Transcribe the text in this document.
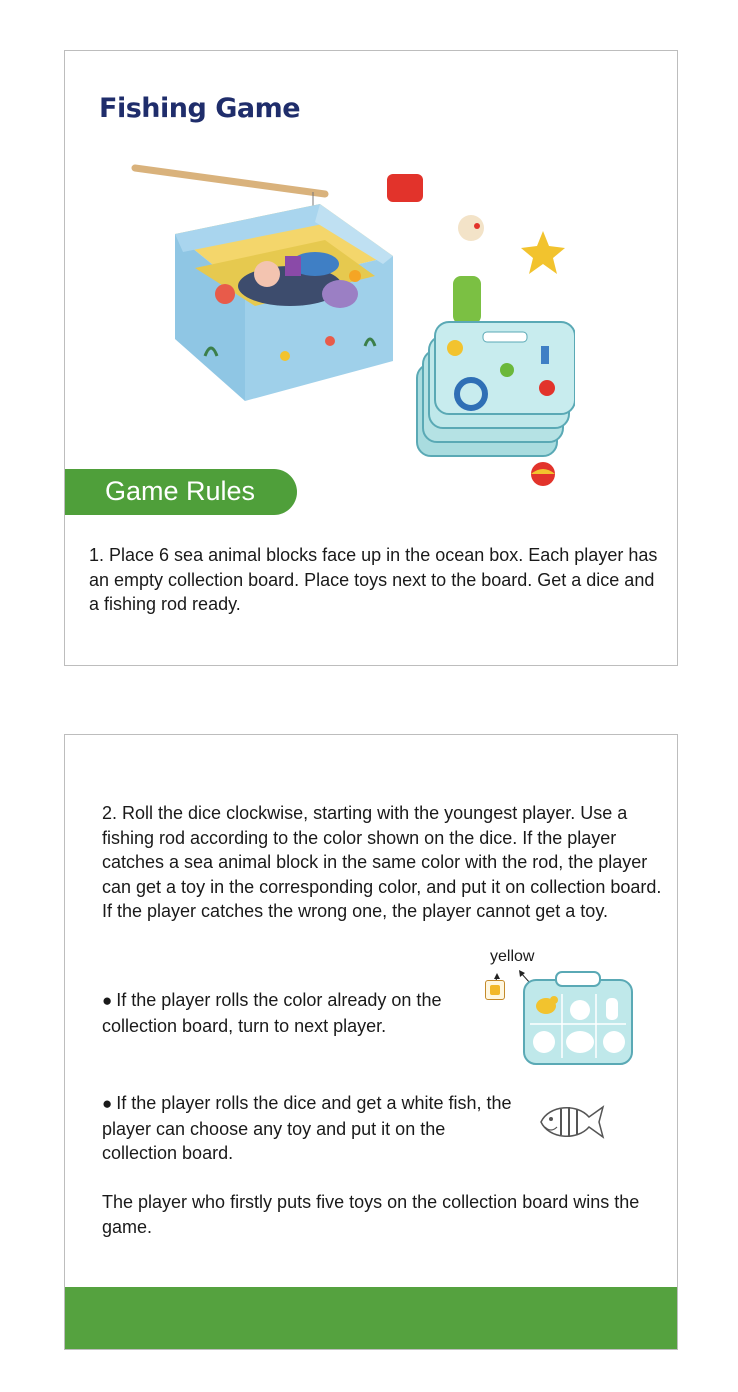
Fishing Game
Game Rules

1. Place 6 sea animal blocks face up in the ocean box. Each player has an empty collection board. Place toys next to the board. Get a dice and a fishing rod ready.

2. Roll the dice clockwise, starting with the youngest player. Use a fishing rod according to the color shown on the dice. If the player catches a sea animal block in the same color with the rod, the player can get a toy in the corresponding color, and put it on collection board. If the player catches the wrong one, the player cannot get a toy.

● If the player rolls the color already on the collection board, turn to next player.

yellow

● If the player rolls the dice and get a white fish, the player can choose any toy and put it on the collection board.

The player who firstly puts five toys on the collection board wins the game.
